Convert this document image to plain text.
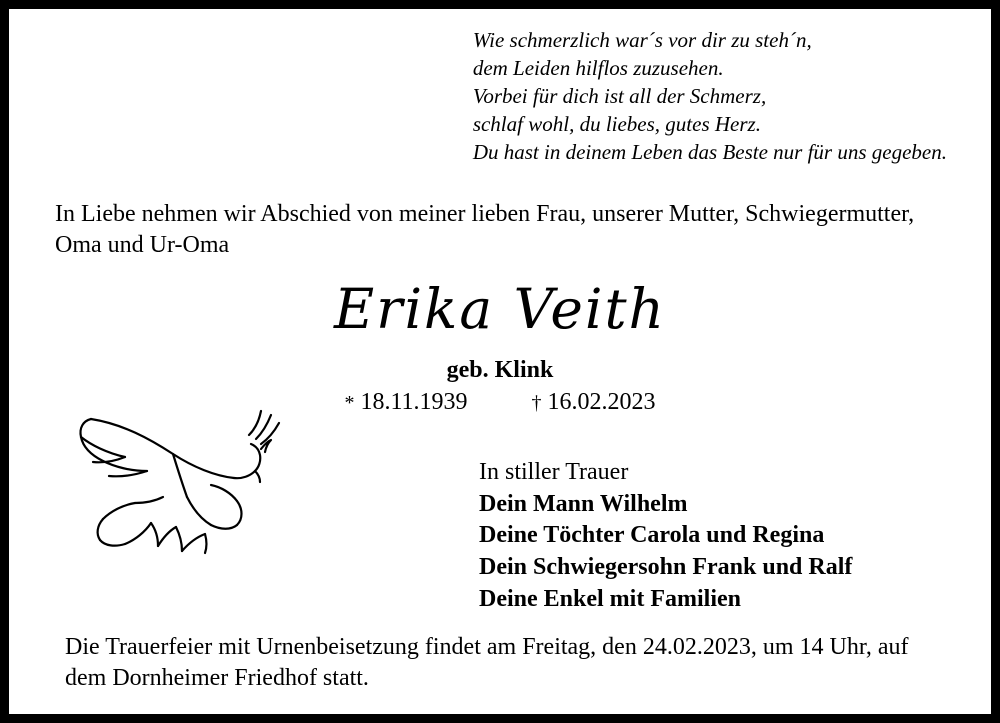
Wie schmerzlich war´s vor dir zu steh´n,
dem Leiden hilflos zuzusehen.
Vorbei für dich ist all der Schmerz,
schlaf wohl, du liebes, gutes Herz.
Du hast in deinem Leben das Beste nur für uns gegeben.
In Liebe nehmen wir Abschied von meiner lieben Frau, unserer Mutter, Schwiegermutter, Oma und Ur-Oma
Erika Veith
geb. Klink
* 18.11.1939	† 16.02.2023
In stiller Trauer
Dein Mann Wilhelm
Deine Töchter Carola und Regina
Dein Schwiegersohn Frank und Ralf
Deine Enkel mit Familien
Die Trauerfeier mit Urnenbeisetzung findet am Freitag, den 24.02.2023, um 14 Uhr, auf dem Dornheimer Friedhof statt.
